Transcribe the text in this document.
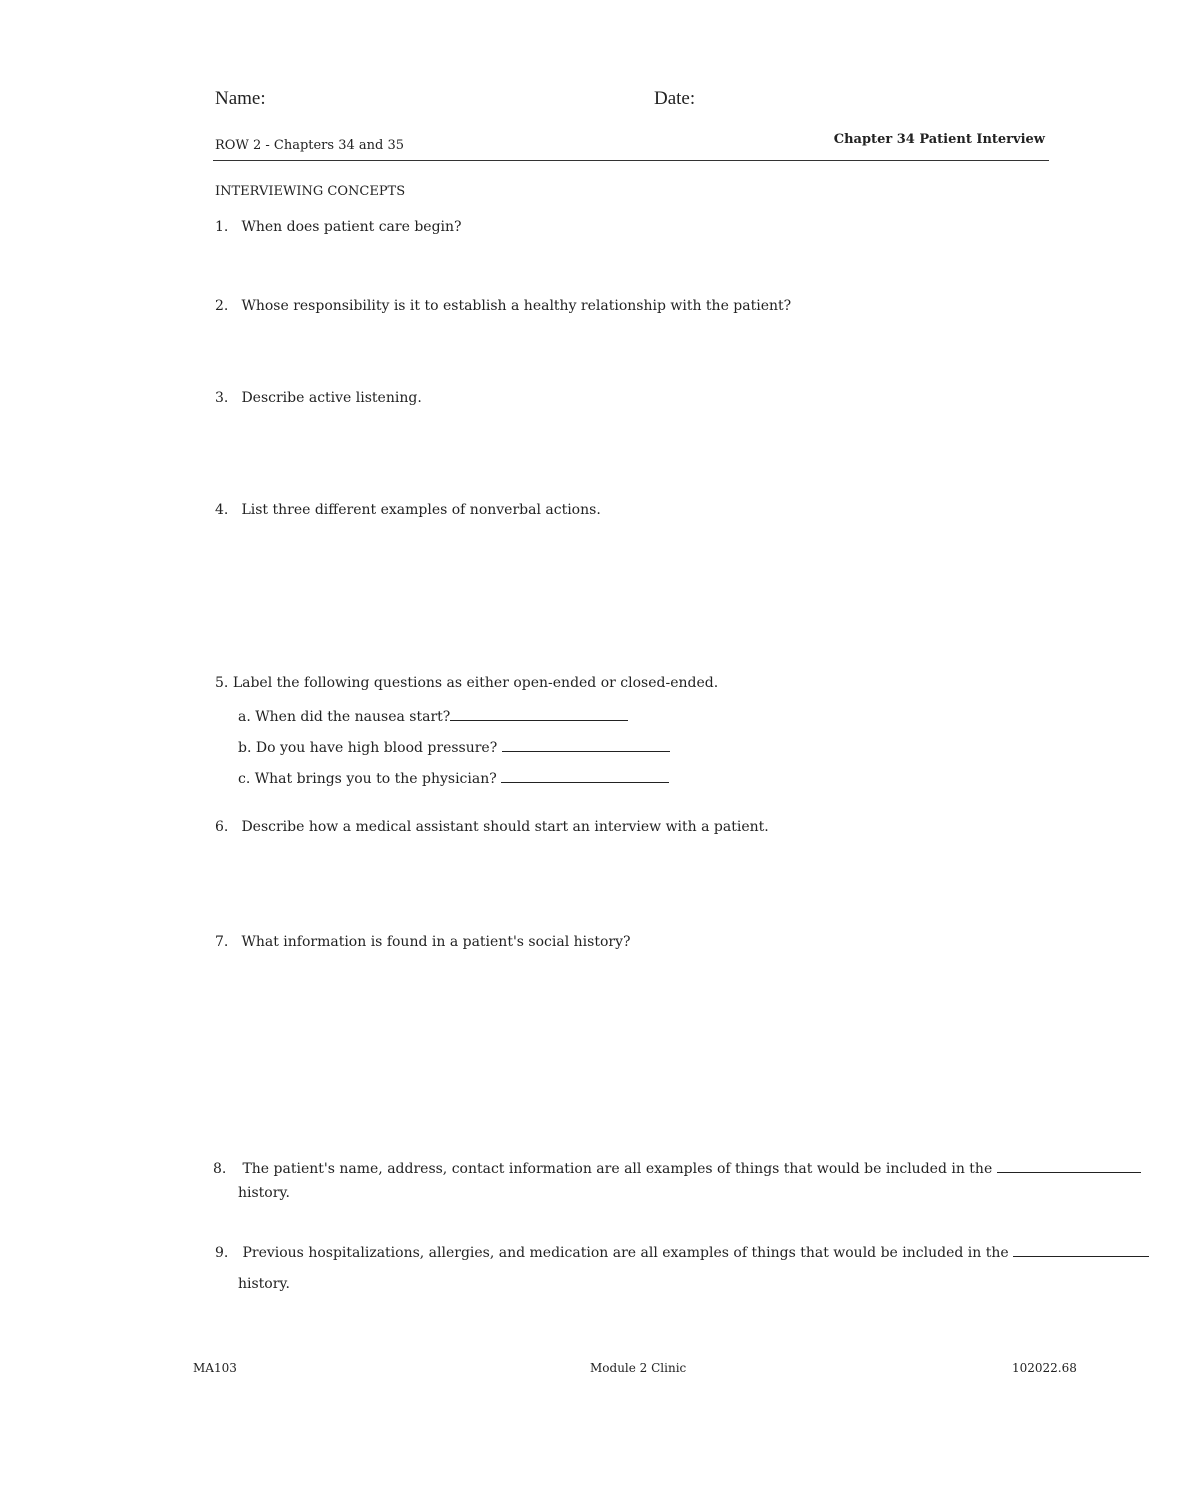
Name:	Date:
ROW 2 - Chapters 34 and 35	Chapter 34 Patient Interview
INTERVIEWING CONCEPTS
1. When does patient care begin?
2. Whose responsibility is it to establish a healthy relationship with the patient?
3. Describe active listening.
4. List three different examples of nonverbal actions.
5. Label the following questions as either open-ended or closed-ended.
a. When did the nausea start?
b. Do you have high blood pressure?
c. What brings you to the physician?
6. Describe how a medical assistant should start an interview with a patient.
7. What information is found in a patient's social history?
8. The patient's name, address, contact information are all examples of things that would be included in the
history.
9. Previous hospitalizations, allergies, and medication are all examples of things that would be included in the
history.
MA103	Module 2 Clinic	102022.68
